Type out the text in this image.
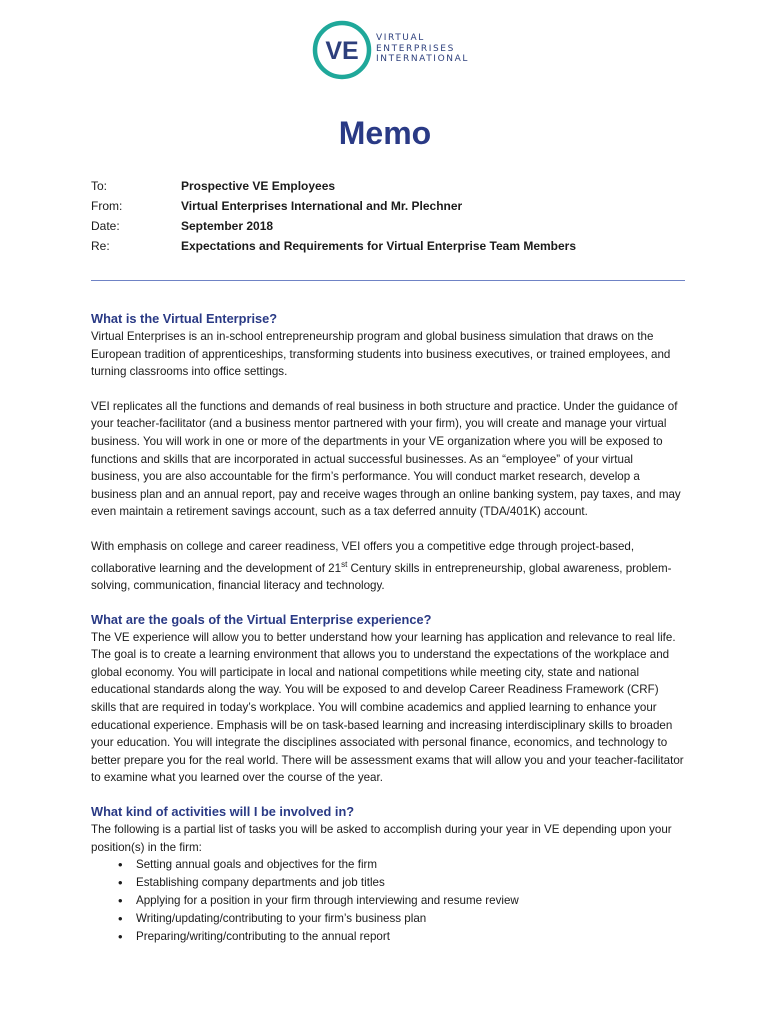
VE VIRTUAL
ENTERPRISES
INTERNATIONAL
Memo
To:	Prospective VE Employees
From:	Virtual Enterprises International and Mr. Plechner
Date:	September 2018
Re:	Expectations and Requirements for Virtual Enterprise Team Members
What is the Virtual Enterprise?

Virtual Enterprises is an in-school entrepreneurship program and global business simulation that draws on the European tradition of apprenticeships, transforming students into business executives, or trained employees, and turning classrooms into office settings.

VEI replicates all the functions and demands of real business in both structure and practice. Under the guidance of your teacher-facilitator (and a business mentor partnered with your firm), you will create and manage your virtual business. You will work in one or more of the departments in your VE organization where you will be exposed to functions and skills that are incorporated in actual successful businesses. As an “employee” of your virtual business, you are also accountable for the firm’s performance. You will conduct market research, develop a business plan and an annual report, pay and receive wages through an online banking system, pay taxes, and may even maintain a retirement savings account, such as a tax deferred annuity (TDA/401K) account.

With emphasis on college and career readiness, VEI offers you a competitive edge through project-based, collaborative learning and the development of 21st Century skills in entrepreneurship, global awareness, problem-solving, communication, financial literacy and technology.

What are the goals of the Virtual Enterprise experience?

The VE experience will allow you to better understand how your learning has application and relevance to real life. The goal is to create a learning environment that allows you to understand the expectations of the workplace and global economy. You will participate in local and national competitions while meeting city, state and national educational standards along the way. You will be exposed to and develop Career Readiness Framework (CRF) skills that are required in today’s workplace. You will combine academics and applied learning to enhance your educational experience. Emphasis will be on task-based learning and increasing interdisciplinary skills to broaden your education. You will integrate the disciplines associated with personal finance, economics, and technology to better prepare you for the real world. There will be assessment exams that will allow you and your teacher-facilitator to examine what you learned over the course of the year.

What kind of activities will I be involved in?

The following is a partial list of tasks you will be asked to accomplish during your year in VE depending upon your position(s) in the firm:

• Setting annual goals and objectives for the firm
• Establishing company departments and job titles
• Applying for a position in your firm through interviewing and resume review
• Writing/updating/contributing to your firm’s business plan
• Preparing/writing/contributing to the annual report
